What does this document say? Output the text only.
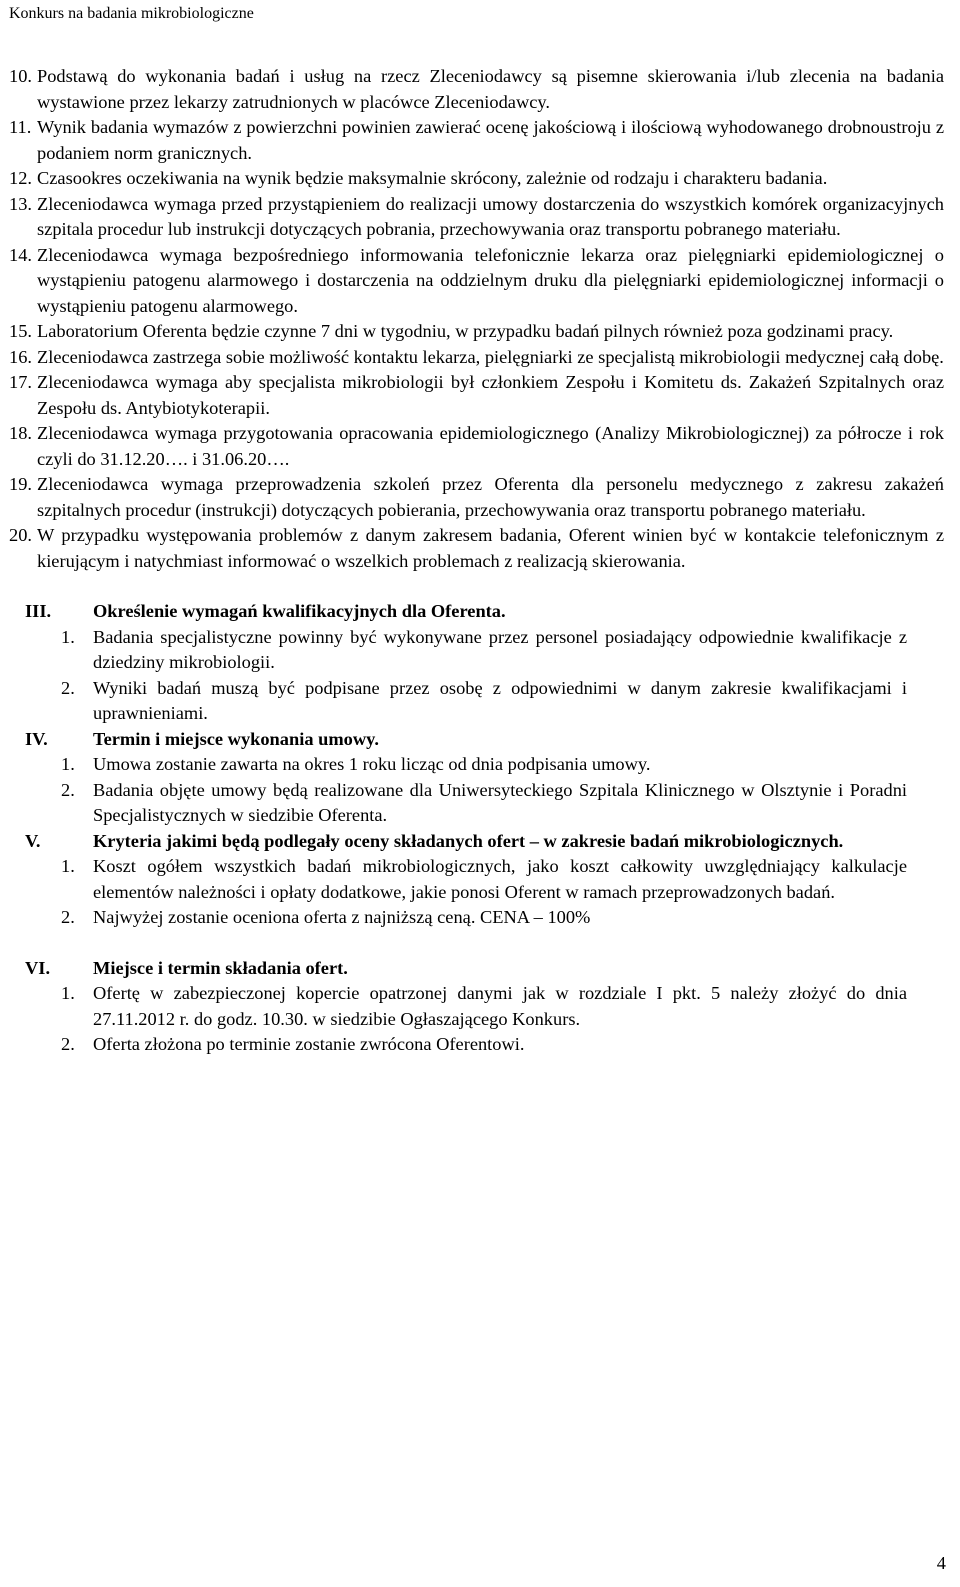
Konkurs na badania mikrobiologiczne
10. Podstawą do wykonania badań i usług na rzecz Zleceniodawcy są pisemne skierowania i/lub zlecenia na badania wystawione przez lekarzy zatrudnionych w placówce Zleceniodawcy.
11. Wynik badania wymazów z powierzchni powinien zawierać ocenę jakościową i ilościową wyhodowanego drobnoustroju z podaniem norm granicznych.
12. Czasookres oczekiwania na wynik będzie maksymalnie skrócony, zależnie od rodzaju i charakteru badania.
13. Zleceniodawca wymaga przed przystąpieniem do realizacji umowy dostarczenia do wszystkich komórek organizacyjnych szpitala procedur lub instrukcji dotyczących pobrania, przechowywania oraz transportu pobranego materiału.
14. Zleceniodawca wymaga bezpośredniego informowania telefonicznie lekarza oraz pielęgniarki epidemiologicznej o wystąpieniu patogenu alarmowego i dostarczenia na oddzielnym druku dla pielęgniarki epidemiologicznej informacji o wystąpieniu patogenu alarmowego.
15. Laboratorium Oferenta będzie czynne 7 dni w tygodniu, w przypadku badań pilnych również poza godzinami pracy.
16. Zleceniodawca zastrzega sobie możliwość kontaktu lekarza, pielęgniarki ze specjalistą mikrobiologii medycznej całą dobę.
17. Zleceniodawca wymaga aby specjalista mikrobiologii był członkiem Zespołu i Komitetu ds. Zakażeń Szpitalnych oraz Zespołu ds. Antybiotykoterapii.
18. Zleceniodawca wymaga przygotowania opracowania epidemiologicznego (Analizy Mikrobiologicznej) za półrocze i rok czyli do 31.12.20…. i 31.06.20….
19. Zleceniodawca wymaga przeprowadzenia szkoleń przez Oferenta dla personelu medycznego z zakresu zakażeń szpitalnych procedur (instrukcji) dotyczących pobierania, przechowywania oraz transportu pobranego materiału.
20. W przypadku występowania problemów z danym zakresem badania, Oferent winien być w kontakcie telefonicznym z kierującym i natychmiast informować o wszelkich problemach z realizacją skierowania.
III.	Określenie wymagań kwalifikacyjnych dla Oferenta.
1. Badania specjalistyczne powinny być wykonywane przez personel posiadający odpowiednie kwalifikacje z dziedziny mikrobiologii.
2. Wyniki badań muszą być podpisane przez osobę z odpowiednimi w danym zakresie kwalifikacjami i uprawnieniami.
IV.	Termin i miejsce wykonania umowy.
1. Umowa zostanie zawarta na okres 1 roku licząc od dnia podpisania umowy.
2. Badania objęte umowy będą realizowane dla Uniwersyteckiego Szpitala Klinicznego w Olsztynie i Poradni Specjalistycznych w siedzibie Oferenta.
V.	Kryteria jakimi będą podlegały oceny składanych ofert – w zakresie badań mikrobiologicznych.
1. Koszt ogółem wszystkich badań mikrobiologicznych, jako koszt całkowity uwzględniający kalkulacje elementów należności i opłaty dodatkowe, jakie ponosi Oferent w ramach przeprowadzonych badań.
2. Najwyżej zostanie oceniona oferta z najniższą ceną. CENA – 100%
VI.	Miejsce i termin składania ofert.
1. Ofertę w zabezpieczonej kopercie opatrzonej danymi jak w rozdziale I pkt. 5 należy złożyć do dnia 27.11.2012 r. do godz. 10.30. w siedzibie Ogłaszającego Konkurs.
2. Oferta złożona po terminie zostanie zwrócona Oferentowi.
4
